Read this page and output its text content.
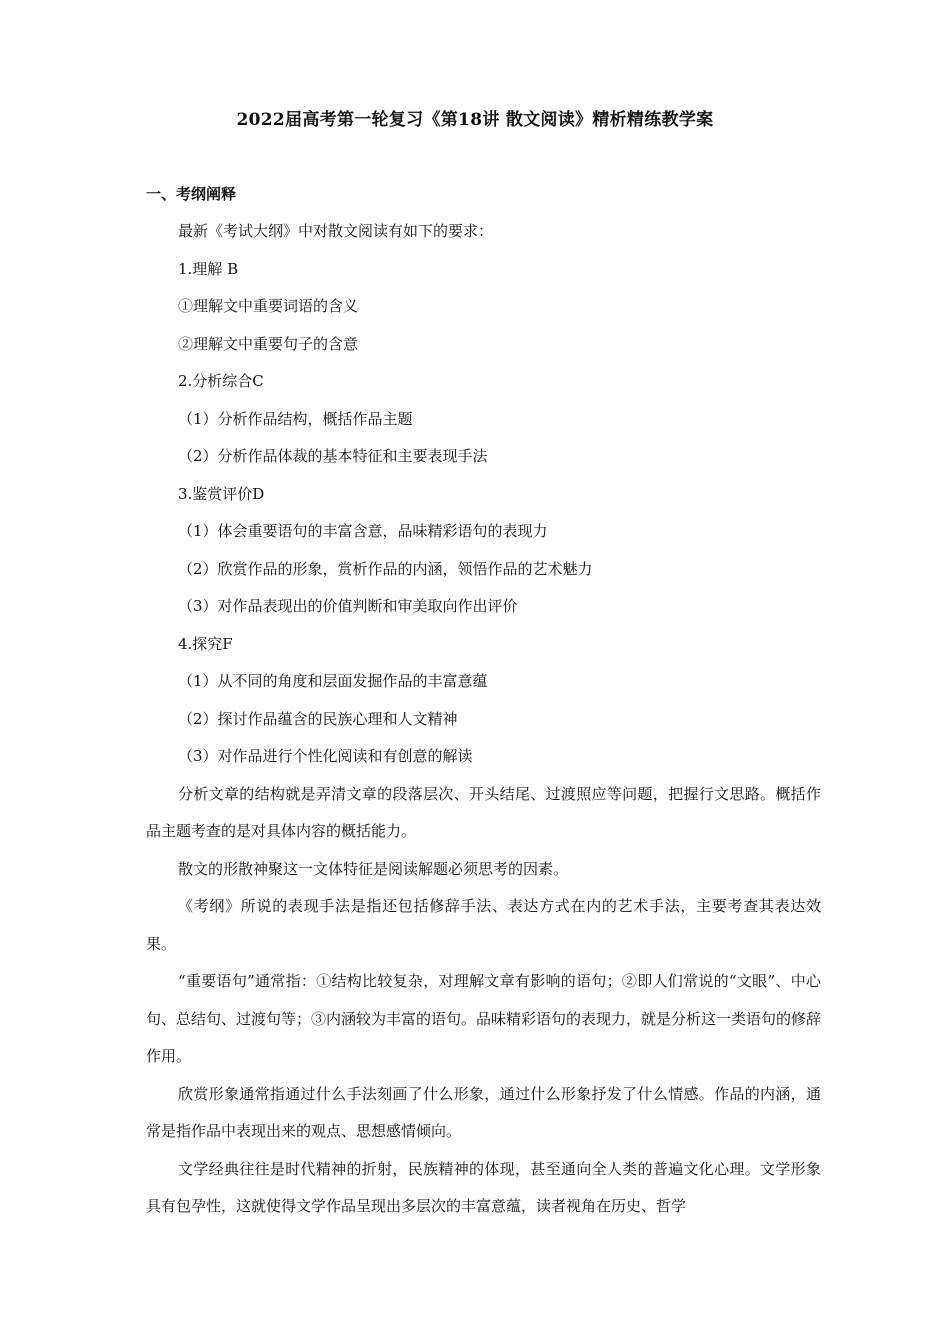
2022届高考第一轮复习《第18讲 散文阅读》精析精练教学案
一、考纲阐释

最新《考试大纲》中对散文阅读有如下的要求：

1.理解 B

①理解文中重要词语的含义

②理解文中重要句子的含意

2.分析综合C

（1）分析作品结构，概括作品主题

（2）分析作品体裁的基本特征和主要表现手法

3.鉴赏评价D

（1）体会重要语句的丰富含意，品味精彩语句的表现力

（2）欣赏作品的形象，赏析作品的内涵，领悟作品的艺术魅力

（3）对作品表现出的价值判断和审美取向作出评价

4.探究F

（1）从不同的角度和层面发掘作品的丰富意蕴

（2）探讨作品蕴含的民族心理和人文精神

（3）对作品进行个性化阅读和有创意的解读

分析文章的结构就是弄清文章的段落层次、开头结尾、过渡照应等问题，把握行文思路。概括作品主题考查的是对具体内容的概括能力。

散文的形散神聚这一文体特征是阅读解题必须思考的因素。

《考纲》所说的表现手法是指还包括修辞手法、表达方式在内的艺术手法，主要考查其表达效果。

“重要语句”通常指：①结构比较复杂，对理解文章有影响的语句；②即人们常说的“文眼”、中心句、总结句、过渡句等；③内涵较为丰富的语句。品味精彩语句的表现力，就是分析这一类语句的修辞作用。

欣赏形象通常指通过什么手法刻画了什么形象，通过什么形象抒发了什么情感。作品的内涵，通常是指作品中表现出来的观点、思想感情倾向。

文学经典往往是时代精神的折射，民族精神的体现，甚至通向全人类的普遍文化心理。文学形象具有包孕性，这就使得文学作品呈现出多层次的丰富意蕴，读者视角在历史、哲学
